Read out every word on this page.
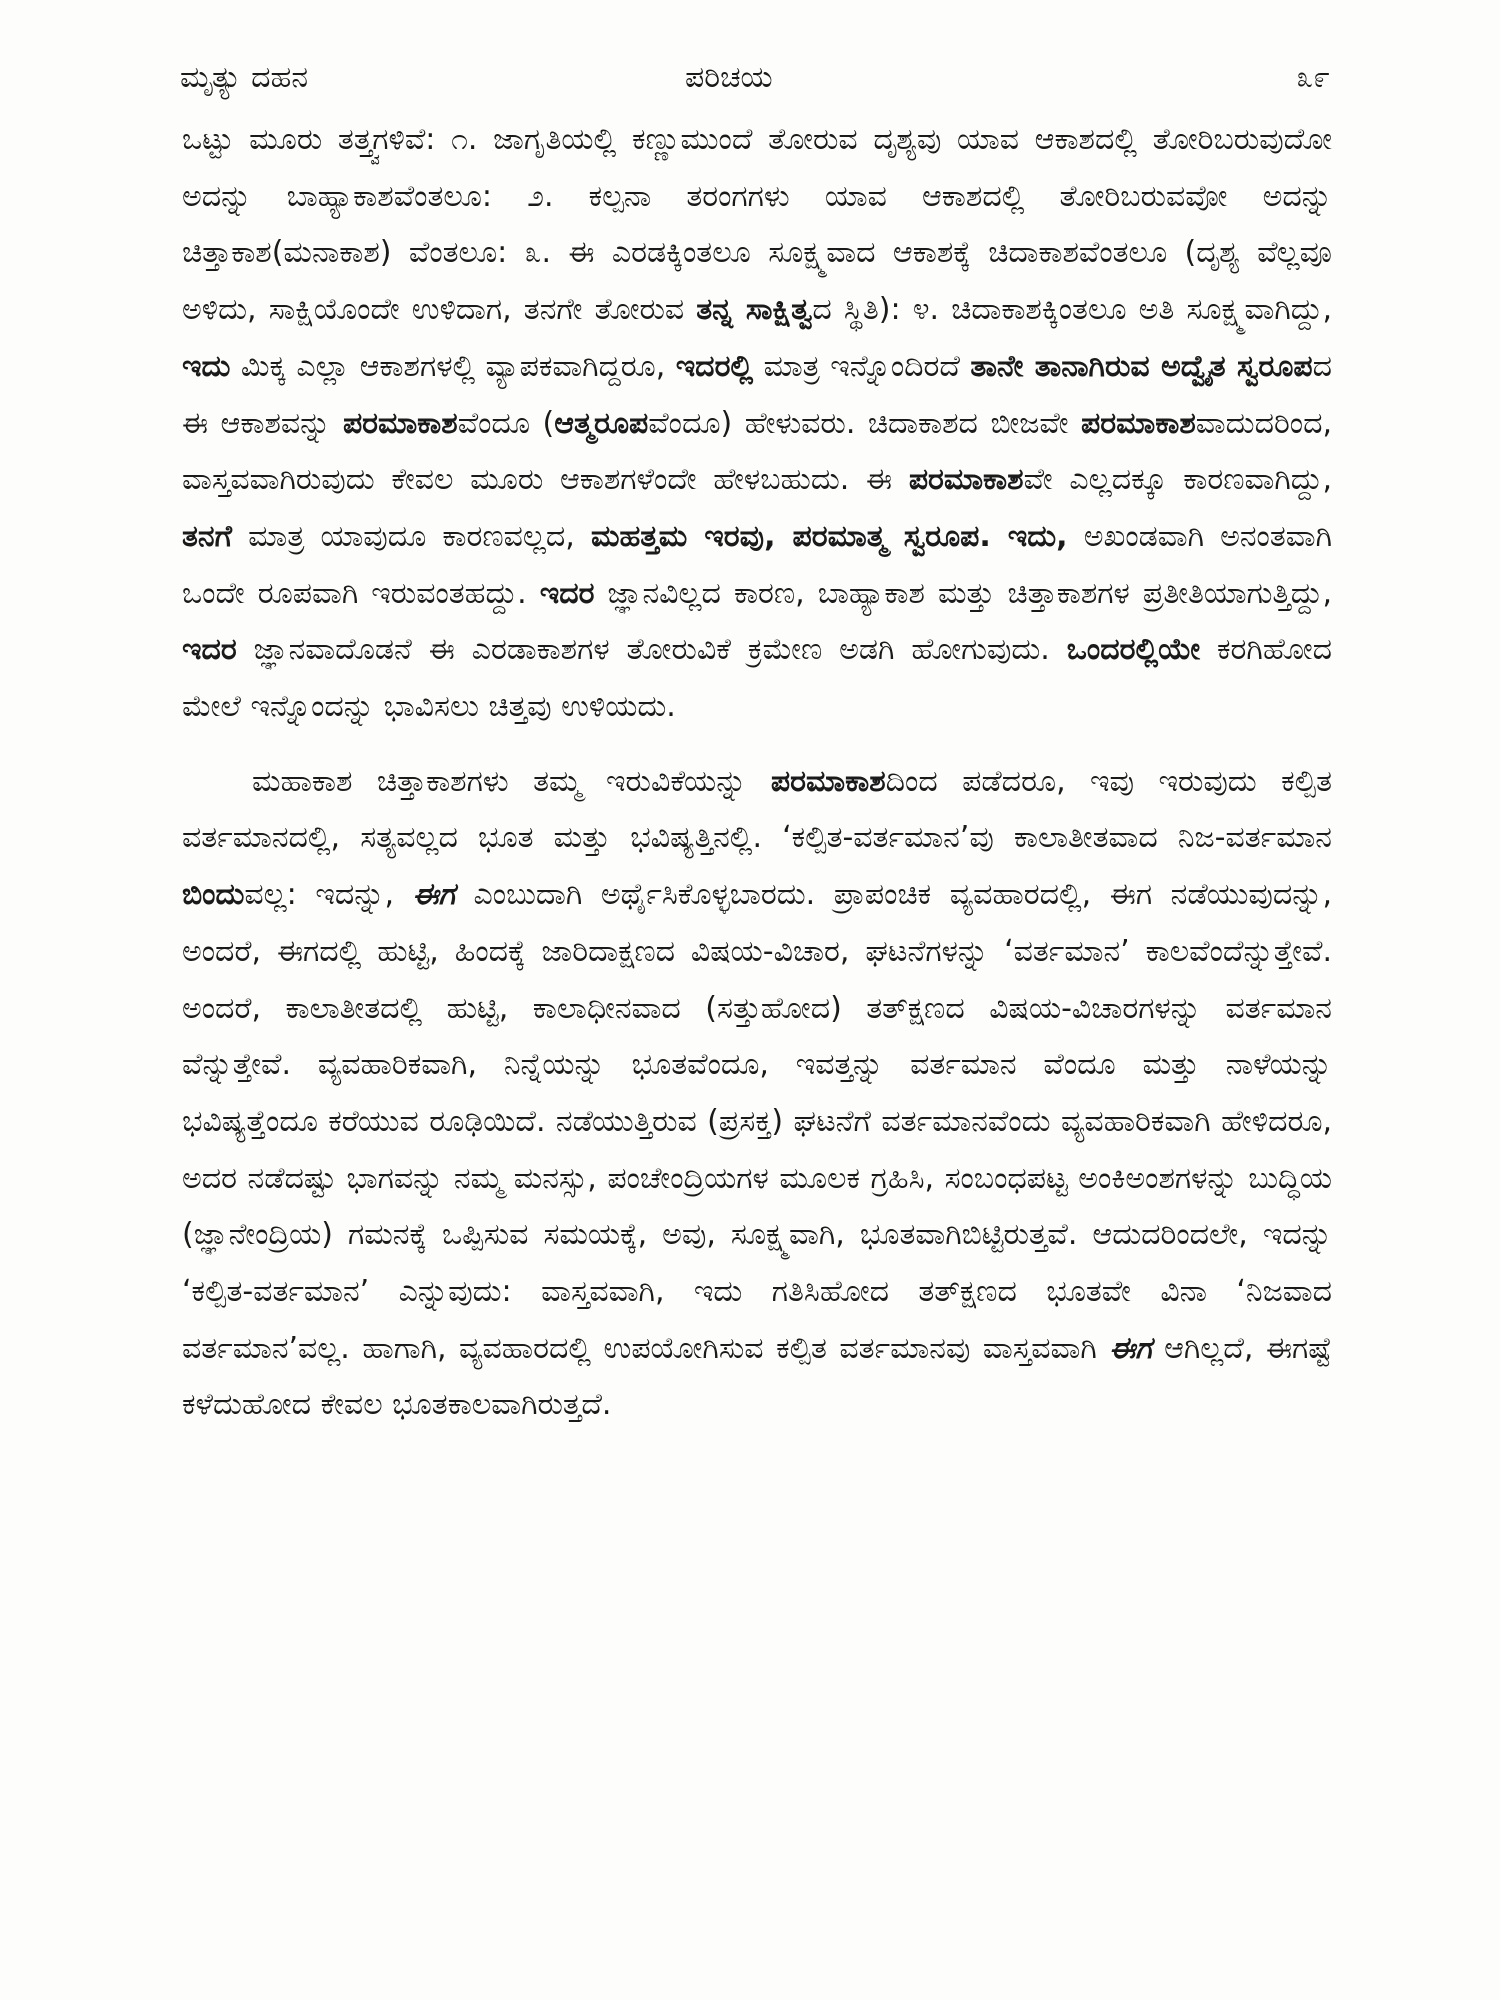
ಮೃತ್ಯು ದಹನ	ಪರಿಚಯ	೩೯

ಒಟ್ಟು ಮೂರು ತತ್ತ್ವಗಳಿವೆ: ೧. ಜಾಗೃತಿಯಲ್ಲಿ ಕಣ್ಣುಮುಂದೆ ತೋರುವ ದೃಶ್ಯವು ಯಾವ ಆಕಾಶದಲ್ಲಿ ತೋರಿಬರುವುದೋ ಅದನ್ನು ಬಾಹ್ಯಾಕಾಶವೆಂತಲೂ: ೨. ಕಲ್ಪನಾ ತರಂಗಗಳು ಯಾವ ಆಕಾಶದಲ್ಲಿ ತೋರಿಬರುವವೋ ಅದನ್ನು ಚಿತ್ತಾಕಾಶ(ಮನಾಕಾಶ) ವೆಂತಲೂ: ೩. ಈ ಎರಡಕ್ಕಿಂತಲೂ ಸೂಕ್ಷ್ಮವಾದ ಆಕಾಶಕ್ಕೆ ಚಿದಾಕಾಶವೆಂತಲೂ (ದೃಶ್ಯ ವೆಲ್ಲವೂ ಅಳಿದು, ಸಾಕ್ಷಿಯೊಂದೇ ಉಳಿದಾಗ, ತನಗೇ ತೋರುವ ತನ್ನ ಸಾಕ್ಷಿತ್ವದ ಸ್ಥಿತಿ): ೪. ಚಿದಾಕಾಶಕ್ಕಿಂತಲೂ ಅತಿ ಸೂಕ್ಷ್ಮವಾಗಿದ್ದು, ಇದು ಮಿಕ್ಕ ಎಲ್ಲಾ ಆಕಾಶಗಳಲ್ಲಿ ವ್ಯಾಪಕವಾಗಿದ್ದರೂ, ಇದರಲ್ಲಿ ಮಾತ್ರ ಇನ್ನೊಂದಿರದೆ ತಾನೇ ತಾನಾಗಿರುವ ಅದ್ವೈತ ಸ್ವರೂಪದ ಈ ಆಕಾಶವನ್ನು ಪರಮಾಕಾಶವೆಂದೂ (ಆತ್ಮರೂಪವೆಂದೂ) ಹೇಳುವರು. ಚಿದಾಕಾಶದ ಬೀಜವೇ ಪರಮಾಕಾಶವಾದುದರಿಂದ, ವಾಸ್ತವವಾಗಿರುವುದು ಕೇವಲ ಮೂರು ಆಕಾಶಗಳೆಂದೇ ಹೇಳಬಹುದು. ಈ ಪರಮಾಕಾಶವೇ ಎಲ್ಲದಕ್ಕೂ ಕಾರಣವಾಗಿದ್ದು, ತನಗೆ ಮಾತ್ರ ಯಾವುದೂ ಕಾರಣವಲ್ಲದ, ಮಹತ್ತಮ ಇರವು, ಪರಮಾತ್ಮ ಸ್ವರೂಪ. ಇದು, ಅಖಂಡವಾಗಿ ಅನಂತವಾಗಿ ಒಂದೇ ರೂಪವಾಗಿ ಇರುವಂತಹದ್ದು. ಇದರ ಜ್ಞಾನವಿಲ್ಲದ ಕಾರಣ, ಬಾಹ್ಯಾಕಾಶ ಮತ್ತು ಚಿತ್ತಾಕಾಶಗಳ ಪ್ರತೀತಿಯಾಗುತ್ತಿದ್ದು, ಇದರ ಜ್ಞಾನವಾದೊಡನೆ ಈ ಎರಡಾಕಾಶಗಳ ತೋರುವಿಕೆ ಕ್ರಮೇಣ ಅಡಗಿ ಹೋಗುವುದು. ಒಂದರಲ್ಲಿಯೇ ಕರಗಿಹೋದ ಮೇಲೆ ಇನ್ನೊಂದನ್ನು ಭಾವಿಸಲು ಚಿತ್ತವು ಉಳಿಯದು.

ಮಹಾಕಾಶ ಚಿತ್ತಾಕಾಶಗಳು ತಮ್ಮ ಇರುವಿಕೆಯನ್ನು ಪರಮಾಕಾಶದಿಂದ ಪಡೆದರೂ, ಇವು ಇರುವುದು ಕಲ್ಪಿತ ವರ್ತಮಾನದಲ್ಲಿ, ಸತ್ಯವಲ್ಲದ ಭೂತ ಮತ್ತು ಭವಿಷ್ಯತ್ತಿನಲ್ಲಿ. ‘ಕಲ್ಪಿತ-ವರ್ತಮಾನ’ವು ಕಾಲಾತೀತವಾದ ನಿಜ-ವರ್ತಮಾನ ಬಿಂದುವಲ್ಲ: ಇದನ್ನು, ಈಗ ಎಂಬುದಾಗಿ ಅರ್ಥೈಸಿಕೊಳ್ಳಬಾರದು. ಪ್ರಾಪಂಚಿಕ ವ್ಯವಹಾರದಲ್ಲಿ, ಈಗ ನಡೆಯುವುದನ್ನು, ಅಂದರೆ, ಈಗದಲ್ಲಿ ಹುಟ್ಟಿ, ಹಿಂದಕ್ಕೆ ಜಾರಿದಾಕ್ಷಣದ ವಿಷಯ-ವಿಚಾರ, ಘಟನೆಗಳನ್ನು ‘ವರ್ತಮಾನ’ ಕಾಲವೆಂದೆನ್ನುತ್ತೇವೆ. ಅಂದರೆ, ಕಾಲಾತೀತದಲ್ಲಿ ಹುಟ್ಟಿ, ಕಾಲಾಧೀನವಾದ (ಸತ್ತುಹೋದ) ತತ್‌ಕ್ಷಣದ ವಿಷಯ-ವಿಚಾರಗಳನ್ನು ವರ್ತಮಾನ ವೆನ್ನುತ್ತೇವೆ. ವ್ಯವಹಾರಿಕವಾಗಿ, ನಿನ್ನೆಯನ್ನು ಭೂತವೆಂದೂ, ಇವತ್ತನ್ನು ವರ್ತಮಾನ ವೆಂದೂ ಮತ್ತು ನಾಳೆಯನ್ನು ಭವಿಷ್ಯತ್ತೆಂದೂ ಕರೆಯುವ ರೂಢಿಯಿದೆ. ನಡೆಯುತ್ತಿರುವ (ಪ್ರಸಕ್ತ) ಘಟನೆಗೆ ವರ್ತಮಾನವೆಂದು ವ್ಯವಹಾರಿಕವಾಗಿ ಹೇಳಿದರೂ, ಅದರ ನಡೆದಷ್ಟು ಭಾಗವನ್ನು ನಮ್ಮ ಮನಸ್ಸು, ಪಂಚೇಂದ್ರಿಯಗಳ ಮೂಲಕ ಗ್ರಹಿಸಿ, ಸಂಬಂಧಪಟ್ಟ ಅಂಕಿಅಂಶಗಳನ್ನು ಬುದ್ಧಿಯ (ಜ್ಞಾನೇಂದ್ರಿಯ) ಗಮನಕ್ಕೆ ಒಪ್ಪಿಸುವ ಸಮಯಕ್ಕೆ, ಅವು, ಸೂಕ್ಷ್ಮವಾಗಿ, ಭೂತವಾಗಿಬಿಟ್ಟಿರುತ್ತವೆ. ಆದುದರಿಂದಲೇ, ಇದನ್ನು ‘ಕಲ್ಪಿತ-ವರ್ತಮಾನ’ ಎನ್ನುವುದು: ವಾಸ್ತವವಾಗಿ, ಇದು ಗತಿಸಿಹೋದ ತತ್‌ಕ್ಷಣದ ಭೂತವೇ ವಿನಾ ‘ನಿಜವಾದ ವರ್ತಮಾನ’ವಲ್ಲ. ಹಾಗಾಗಿ, ವ್ಯವಹಾರದಲ್ಲಿ ಉಪಯೋಗಿಸುವ ಕಲ್ಪಿತ ವರ್ತಮಾನವು ವಾಸ್ತವವಾಗಿ ಈಗ ಆಗಿಲ್ಲದೆ, ಈಗಷ್ಟೆ ಕಳೆದುಹೋದ ಕೇವಲ ಭೂತಕಾಲವಾಗಿರುತ್ತದೆ.
